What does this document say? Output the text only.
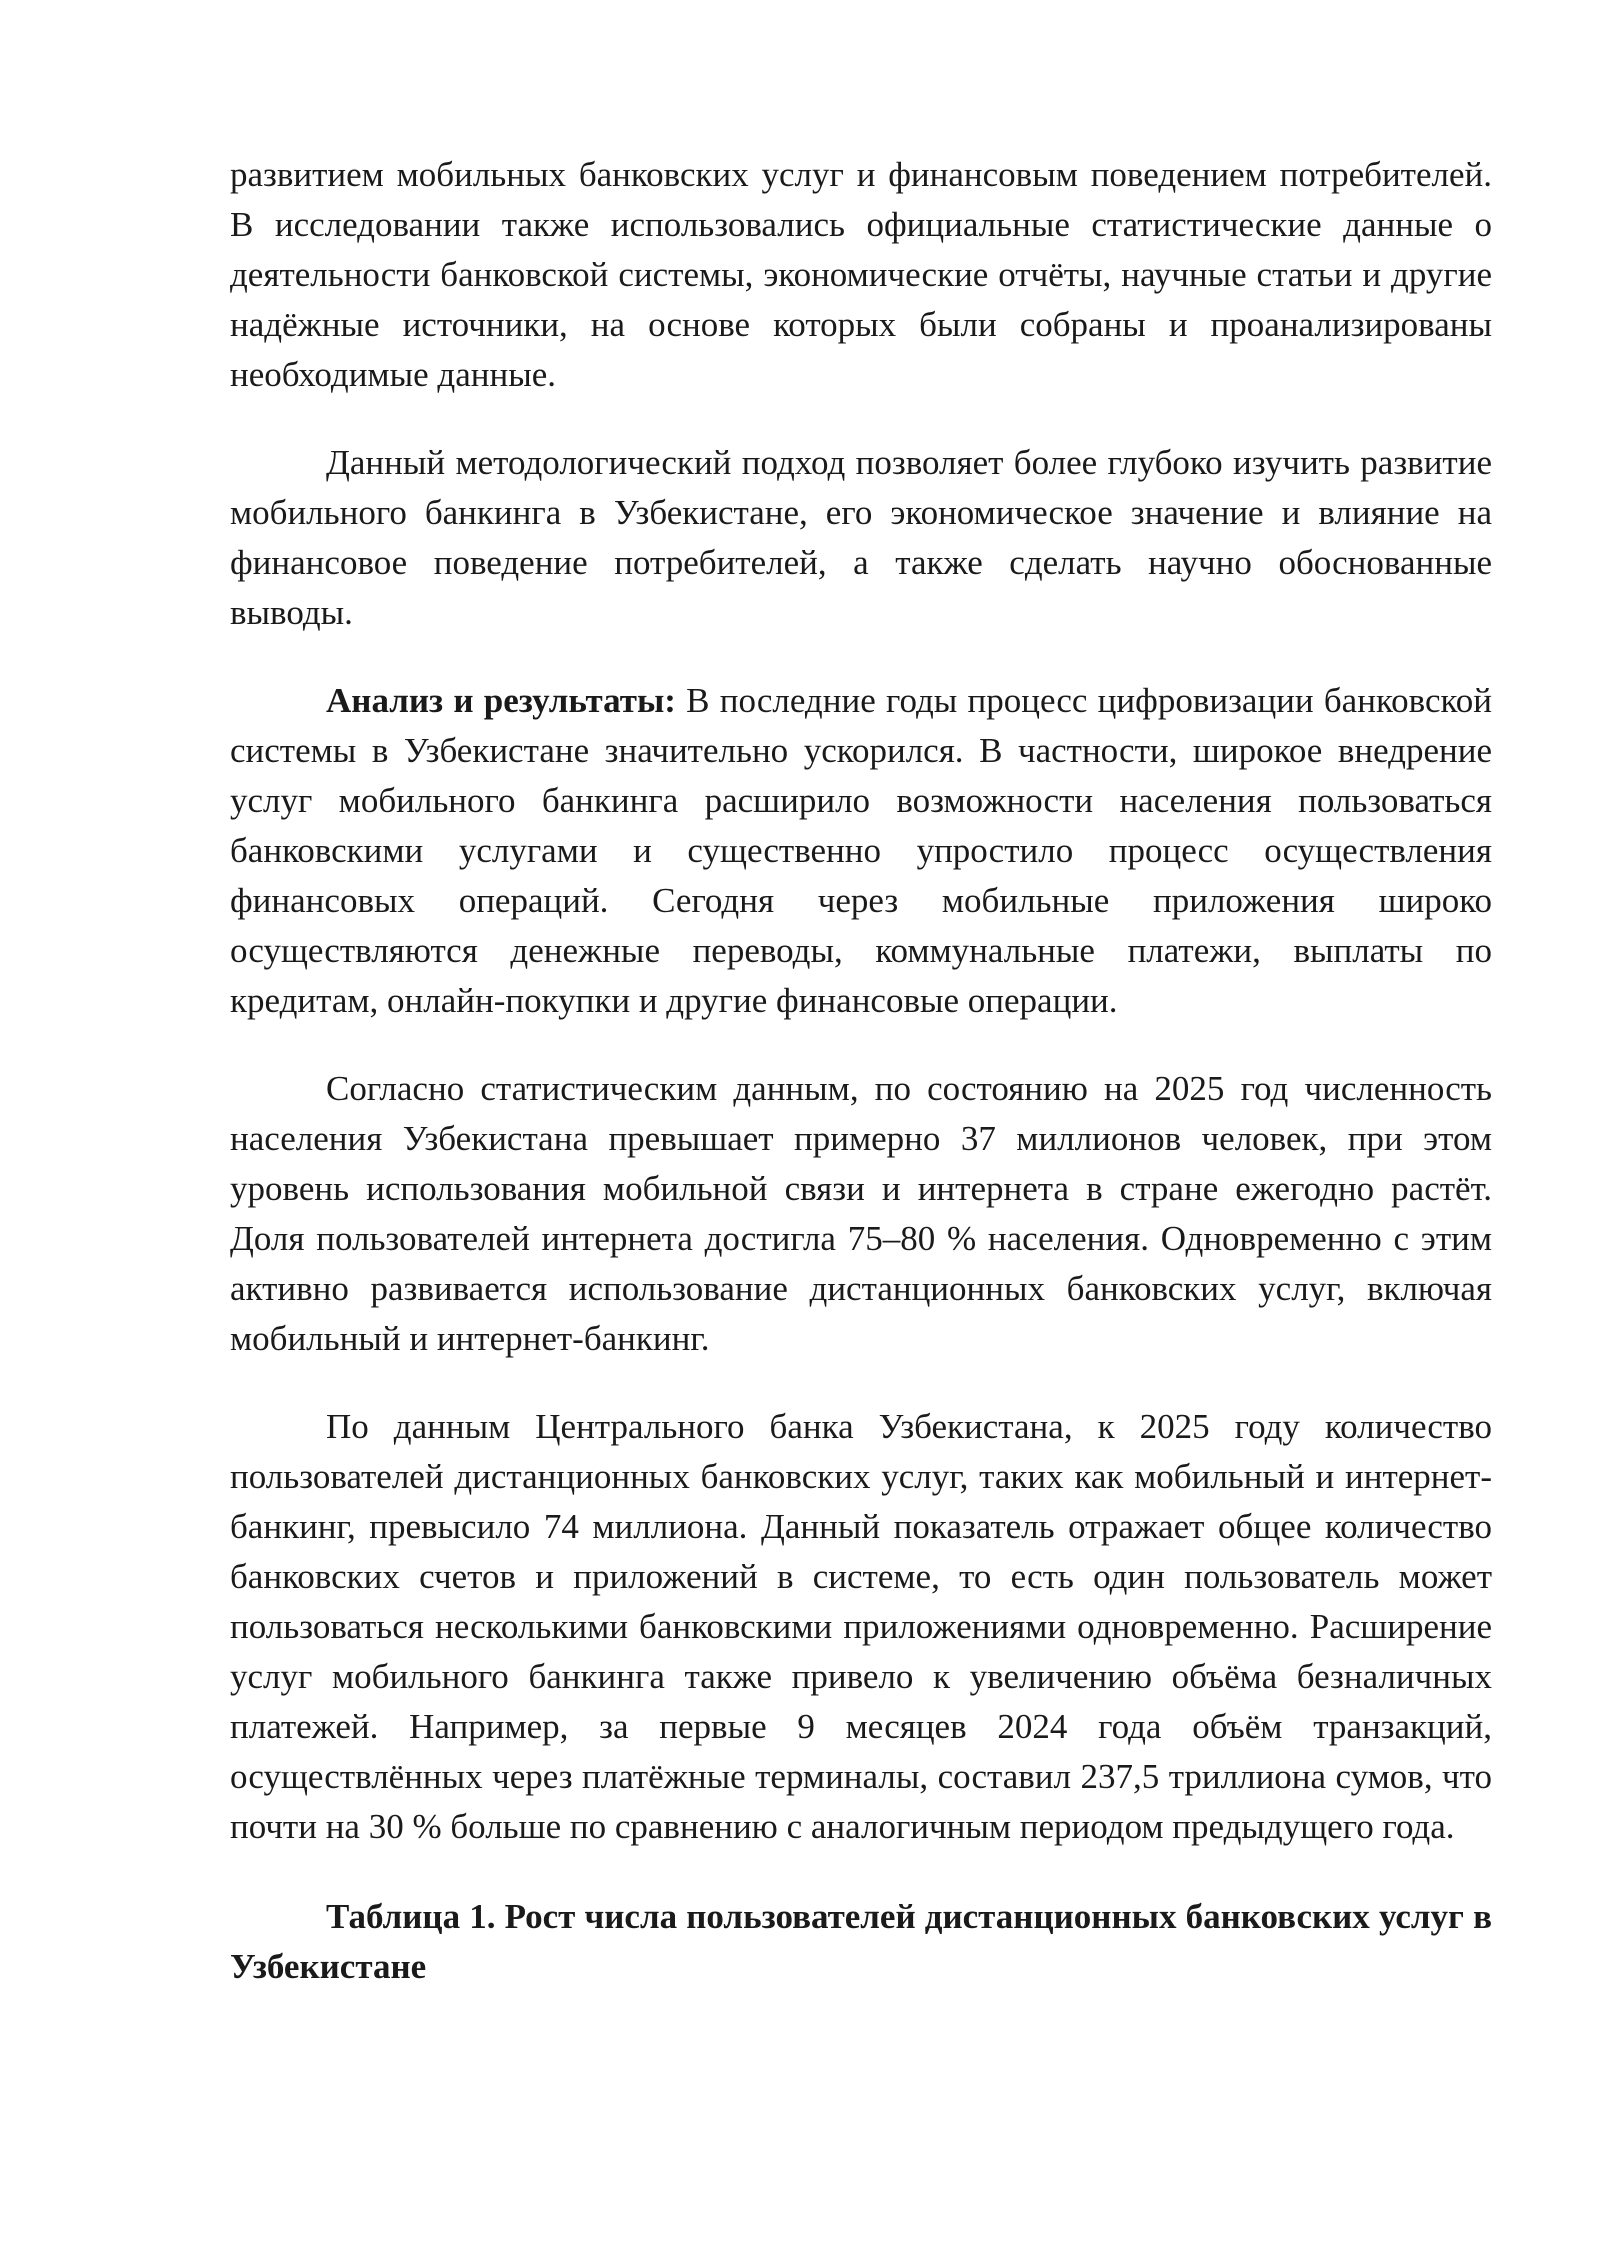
развитием мобильных банковских услуг и финансовым поведением потребителей. В исследовании также использовались официальные статистические данные о деятельности банковской системы, экономические отчёты, научные статьи и другие надёжные источники, на основе которых были собраны и проанализированы необходимые данные.

Данный методологический подход позволяет более глубоко изучить развитие мобильного банкинга в Узбекистане, его экономическое значение и влияние на финансовое поведение потребителей, а также сделать научно обоснованные выводы.

Анализ и результаты: В последние годы процесс цифровизации банковской системы в Узбекистане значительно ускорился. В частности, широкое внедрение услуг мобильного банкинга расширило возможности населения пользоваться банковскими услугами и существенно упростило процесс осуществления финансовых операций. Сегодня через мобильные приложения широко осуществляются денежные переводы, коммунальные платежи, выплаты по кредитам, онлайн-покупки и другие финансовые операции.

Согласно статистическим данным, по состоянию на 2025 год численность населения Узбекистана превышает примерно 37 миллионов человек, при этом уровень использования мобильной связи и интернета в стране ежегодно растёт. Доля пользователей интернета достигла 75–80 % населения. Одновременно с этим активно развивается использование дистанционных банковских услуг, включая мобильный и интернет-банкинг.

По данным Центрального банка Узбекистана, к 2025 году количество пользователей дистанционных банковских услуг, таких как мобильный и интернет-банкинг, превысило 74 миллиона. Данный показатель отражает общее количество банковских счетов и приложений в системе, то есть один пользователь может пользоваться несколькими банковскими приложениями одновременно. Расширение услуг мобильного банкинга также привело к увеличению объёма безналичных платежей. Например, за первые 9 месяцев 2024 года объём транзакций, осуществлённых через платёжные терминалы, составил 237,5 триллиона сумов, что почти на 30 % больше по сравнению с аналогичным периодом предыдущего года.

Таблица 1. Рост числа пользователей дистанционных банковских услуг в Узбекистане
